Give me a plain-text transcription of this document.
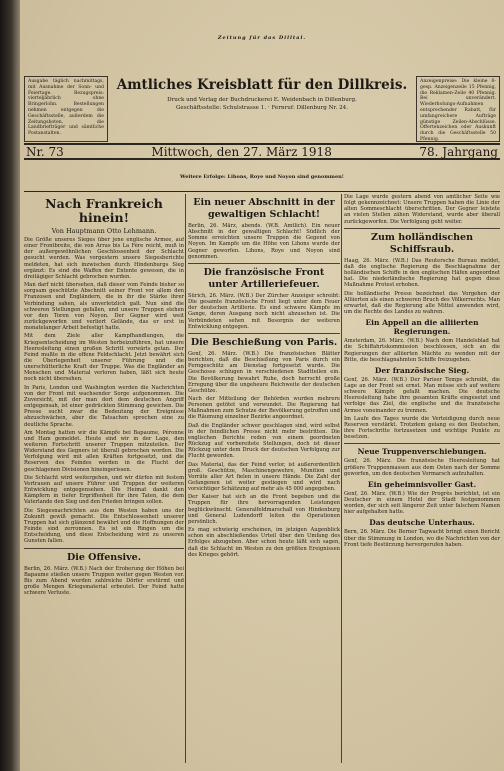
Zeitung für das Dilltal.

Ausgabe täglich nachmittags, mit Ausnahme der Sonn- und Feiertage. Bezugspreis: vierteljährlich ohne Bringerlohn. Bestellungen nehmen entgegen die Geschäftsstelle, außerdem die Zeitungsboten, die Landbriefträger und sämtliche Postanstalten.

Anzeigenpreise: Die kleine 6-gesp. Anzeigenzeile 15 Pfennig, die Reklamen-Zeile 40 Pfennig. Bei unverändert. Wiederholungs-Aufnahmen entsprechender Rabatt, für umfangreichere Aufträge günstige Zeilen-Abschlüsse. Offertenzeichen oder Auskunft durch die Geschäftsstelle 50 Pfennig.

Amtliches Kreisblatt für den Dillkreis.
Druck und Verlag der Buchdruckerei E. Weidenbach in Dillenburg.
Geschäftsstelle: Schulstrasse 1. · Fernruf: Dillenburg Nr. 24.
Nr. 73	Mittwoch, den 27. März 1918	78. Jahrgang
Weitere Erfolge: Lihons, Roye und Noyon sind genommen!
Nach Frankreich hinein!
Von Hauptmann Otto Lehmann.

Die Größe unseres Sieges über jene englische Armee, auf einer Frontbreite, die von Arras bis La Fère reicht, muß in der außergewöhnlichen Geschlossenheit der Schlacht gesucht werden. Was vorgestern unsere Siegesberichte meldeten, hat sich inzwischen durch Hindenburgs Sieg ergänzt: Es sind die Waffen der Entente gewesen, die in dreitägiger Schlacht gebrochen wurden.

Man darf nicht übersehen, daß dieser vom Feinde bisher so sorgsam geschützte Abschnitt seiner Front vor allem den Franzosen und Engländern, die in ihr die Stärke ihrer Verbindung sahen, als unverletzlich galt. Nun sind die schweren Stellungen gefallen, und unsere Truppen stehen vor den Toren von Noyon. Der Gegner wird weit zurückgeworfen und verliert Gelände, das er erst in monatelanger Arbeit befestigt hatte.

Mit dem Ziele aller Kampfhandlungen, die Kriegsentscheidung im Westen herbeizuführen, hat unsere Heeresleitung einen großen Schritt vorwärts getan. Der Feind mußte in die offene Feldschlacht. Jetzt bewährt sich die Überlegenheit unserer Führung und die unerschütterliche Kraft der Truppe. Was die Engländer an Menschen und Material verloren haben, läßt sich heute noch nicht übersehen.

In Paris, London und Washington werden die Nachrichten von der Front mit wachsender Sorge aufgenommen. Die Zuversicht, mit der man dort dem deutschen Angriff entgegensah, ist einer gedrückten Stimmung gewichen. Die Presse sucht zwar die Bedeutung der Ereignisse abzuschwächen, aber die Tatsachen sprechen eine zu deutliche Sprache.

Am Montag hatten wir die Kämpfe bei Bapaume, Péronne und Ham gemeldet. Heute sind wir in der Lage, den weiteren Fortschritt unserer Truppen mitzuteilen. Der Widerstand des Gegners ist überall gebrochen worden. Die Verfolgung wird mit allen Kräften fortgesetzt, und die Reserven des Feindes werden in die Flucht der geschlagenen Divisionen hineingerissen.

Die Schlacht wird weitergehen, und wir dürfen mit festem Vertrauen auf unsere Führer und Truppen der weiteren Entwicklung entgegensehen. Die Heimat dankt den Kämpfern in tiefer Ergriffenheit für ihre Taten, die dem Vaterlande den Sieg und den Frieden bringen sollen.

Die Siegesnachrichten aus dem Westen haben uns der Zukunft gewiß gemacht. Die Entschlossenheit unserer Truppen hat sich glänzend bewährt und die Hoffnungen der Feinde sind zerronnen. Es ist ein Ringen um die Entscheidung, und diese Entscheidung wird zu unseren Gunsten fallen.

Die Offensive.

Berlin, 26. März. (W.B.) Nach der Eroberung der Höhen bei Bapaume stießen unsere Truppen weiter gegen Westen vor. Bis zum Abend wurden zahlreiche Dörfer erstürmt und große Mengen Kriegsmaterial erbeutet. Der Feind hatte schwere Verluste.

Ein neuer Abschnitt in der gewaltigen Schlacht!

Berlin, 26. März, abends. (W.B. Amtlich). Ein neuer Abschnitt in der gewaltigen Schlacht! Südlich der Somme erreichten unsere Truppen die Gegend von Noyon. Im Kampfe um die Höhe von Lihons wurde der Gegner geworfen. Lihons, Roye und Noyon sind genommen.

Die französische Front unter Artilleriefeuer.

Sürich, 26. März. (W.B.) Der Zürcher Anzeiger schreibt: Die gesamte französische Front liegt unter dem Feuer der deutschen Artillerie. Es sind schwere Kämpfe im Gange, deren Ausgang noch nicht abzusehen ist. Die Verbündeten sehen mit Besorgnis der weiteren Entwicklung entgegen.

Die Beschießung von Paris.

Genf, 26. März. (W.B.) Die französischen Blätter berichten, daß die Beschießung von Paris durch ein Ferngeschütz am Dienstag fortgesetzt wurde. Die Geschosse schlugen in verschiedenen Stadtteilen ein. Die Bevölkerung bewahrt Ruhe, doch herrscht große Erregung über die ungeheure Reichweite der deutschen Geschütze.

Nach der Mitteilung der Behörden wurden mehrere Personen getötet und verwundet. Die Regierung hat Maßnahmen zum Schutze der Bevölkerung getroffen und die Räumung einzelner Bezirke angeordnet.

Daß die Engländer schwer geschlagen sind, wird selbst in der feindlichen Presse nicht mehr bestritten. Die englischen Berichte reden von einem geordneten Rückzug auf vorbereitete Stellungen, doch ist dieser Rückzug unter dem Druck der deutschen Verfolgung zur Flucht geworden.

Das Material, das der Feind verlor, ist außerordentlich groß. Geschütze, Maschinengewehre, Munition und Vorräte aller Art fielen in unsere Hände. Die Zahl der Gefangenen ist weiter gestiegen und wird nach vorsichtiger Schätzung auf mehr als 45 000 angegeben.

Der Kaiser hat sich an die Front begeben und die Truppen für ihre hervorragenden Leistungen beglückwünscht. Generalfeldmarschall von Hindenburg und General Ludendorff leiten die Operationen persönlich.

Es mag schwierig erscheinen, im jetzigen Augenblick schon ein abschließendes Urteil über den Umfang des Erfolges abzugeben. Aber schon heute läßt sich sagen, daß die Schlacht im Westen zu den größten Ereignissen des Krieges gehört.

Die Lage wurde gestern abend von amtlicher Seite wie folgt gekennzeichnet: Unsere Truppen haben die Linie der alten Sommeschlacht überschritten. Der Gegner leistete an vielen Stellen zähen Widerstand, wurde aber überall zurückgeworfen. Die Verfolgung geht weiter.

Zum holländischen Schiffsraub.

Haag, 26. März. (W.B.) Das Reutersche Bureau meldet, daß die englische Regierung die Beschlagnahme der holländischen Schiffe in den englischen Häfen angeordnet hat. Die niederländische Regierung hat gegen diese Maßnahme Protest erhoben.

Die holländische Presse bezeichnet das Vorgehen der Alliierten als einen schweren Bruch des Völkerrechts. Man erwartet, daß die Regierung alle Mittel anwenden wird, um die Rechte des Landes zu wahren.

Ein Appell an die alliierten Regierungen.

Amsterdam, 26. März. (W.B.) Nach dem Handelsblad hat die Schiffahrtskommission beschlossen, sich an die Regierungen der alliierten Mächte zu wenden mit der Bitte, die beschlagnahmten Schiffe freizugeben.

Der französische Sieg.

Genf, 26. März. (W.B.) Der Pariser Temps schreibt, die Lage an der Front sei ernst. Man müsse sich auf weitere schwere Kämpfe gefaßt machen. Die deutsche Heeresleitung habe ihre gesamten Kräfte eingesetzt und verfolge das Ziel, die englische und die französische Armee voneinander zu trennen.

Im Laufe des Tages wurde die Verteidigung durch neue Reserven verstärkt. Trotzdem gelang es den Deutschen, ihre Fortschritte fortzusetzen und wichtige Punkte zu besetzen.

Neue Truppenverschiebungen.

Genf, 26. März. Die französische Heeresleitung hat größere Truppenmassen aus dem Osten nach der Somme geworfen, um den deutschen Vormarsch aufzuhalten.

Ein geheimnisvoller Gast.

Genf, 26. März. (W.B.) Wie der Progrès berichtet, ist ein Deutscher in einem Hotel der Stadt festgenommen worden, der sich seit längerer Zeit unter falschem Namen hier aufgehalten hatte.

Das deutsche Unterhaus.

Bern, 26. März. Die Berner Tagwacht bringt einen Bericht über die Stimmung in London, wo die Nachrichten von der Front tiefe Bestürzung hervorgerufen haben.
